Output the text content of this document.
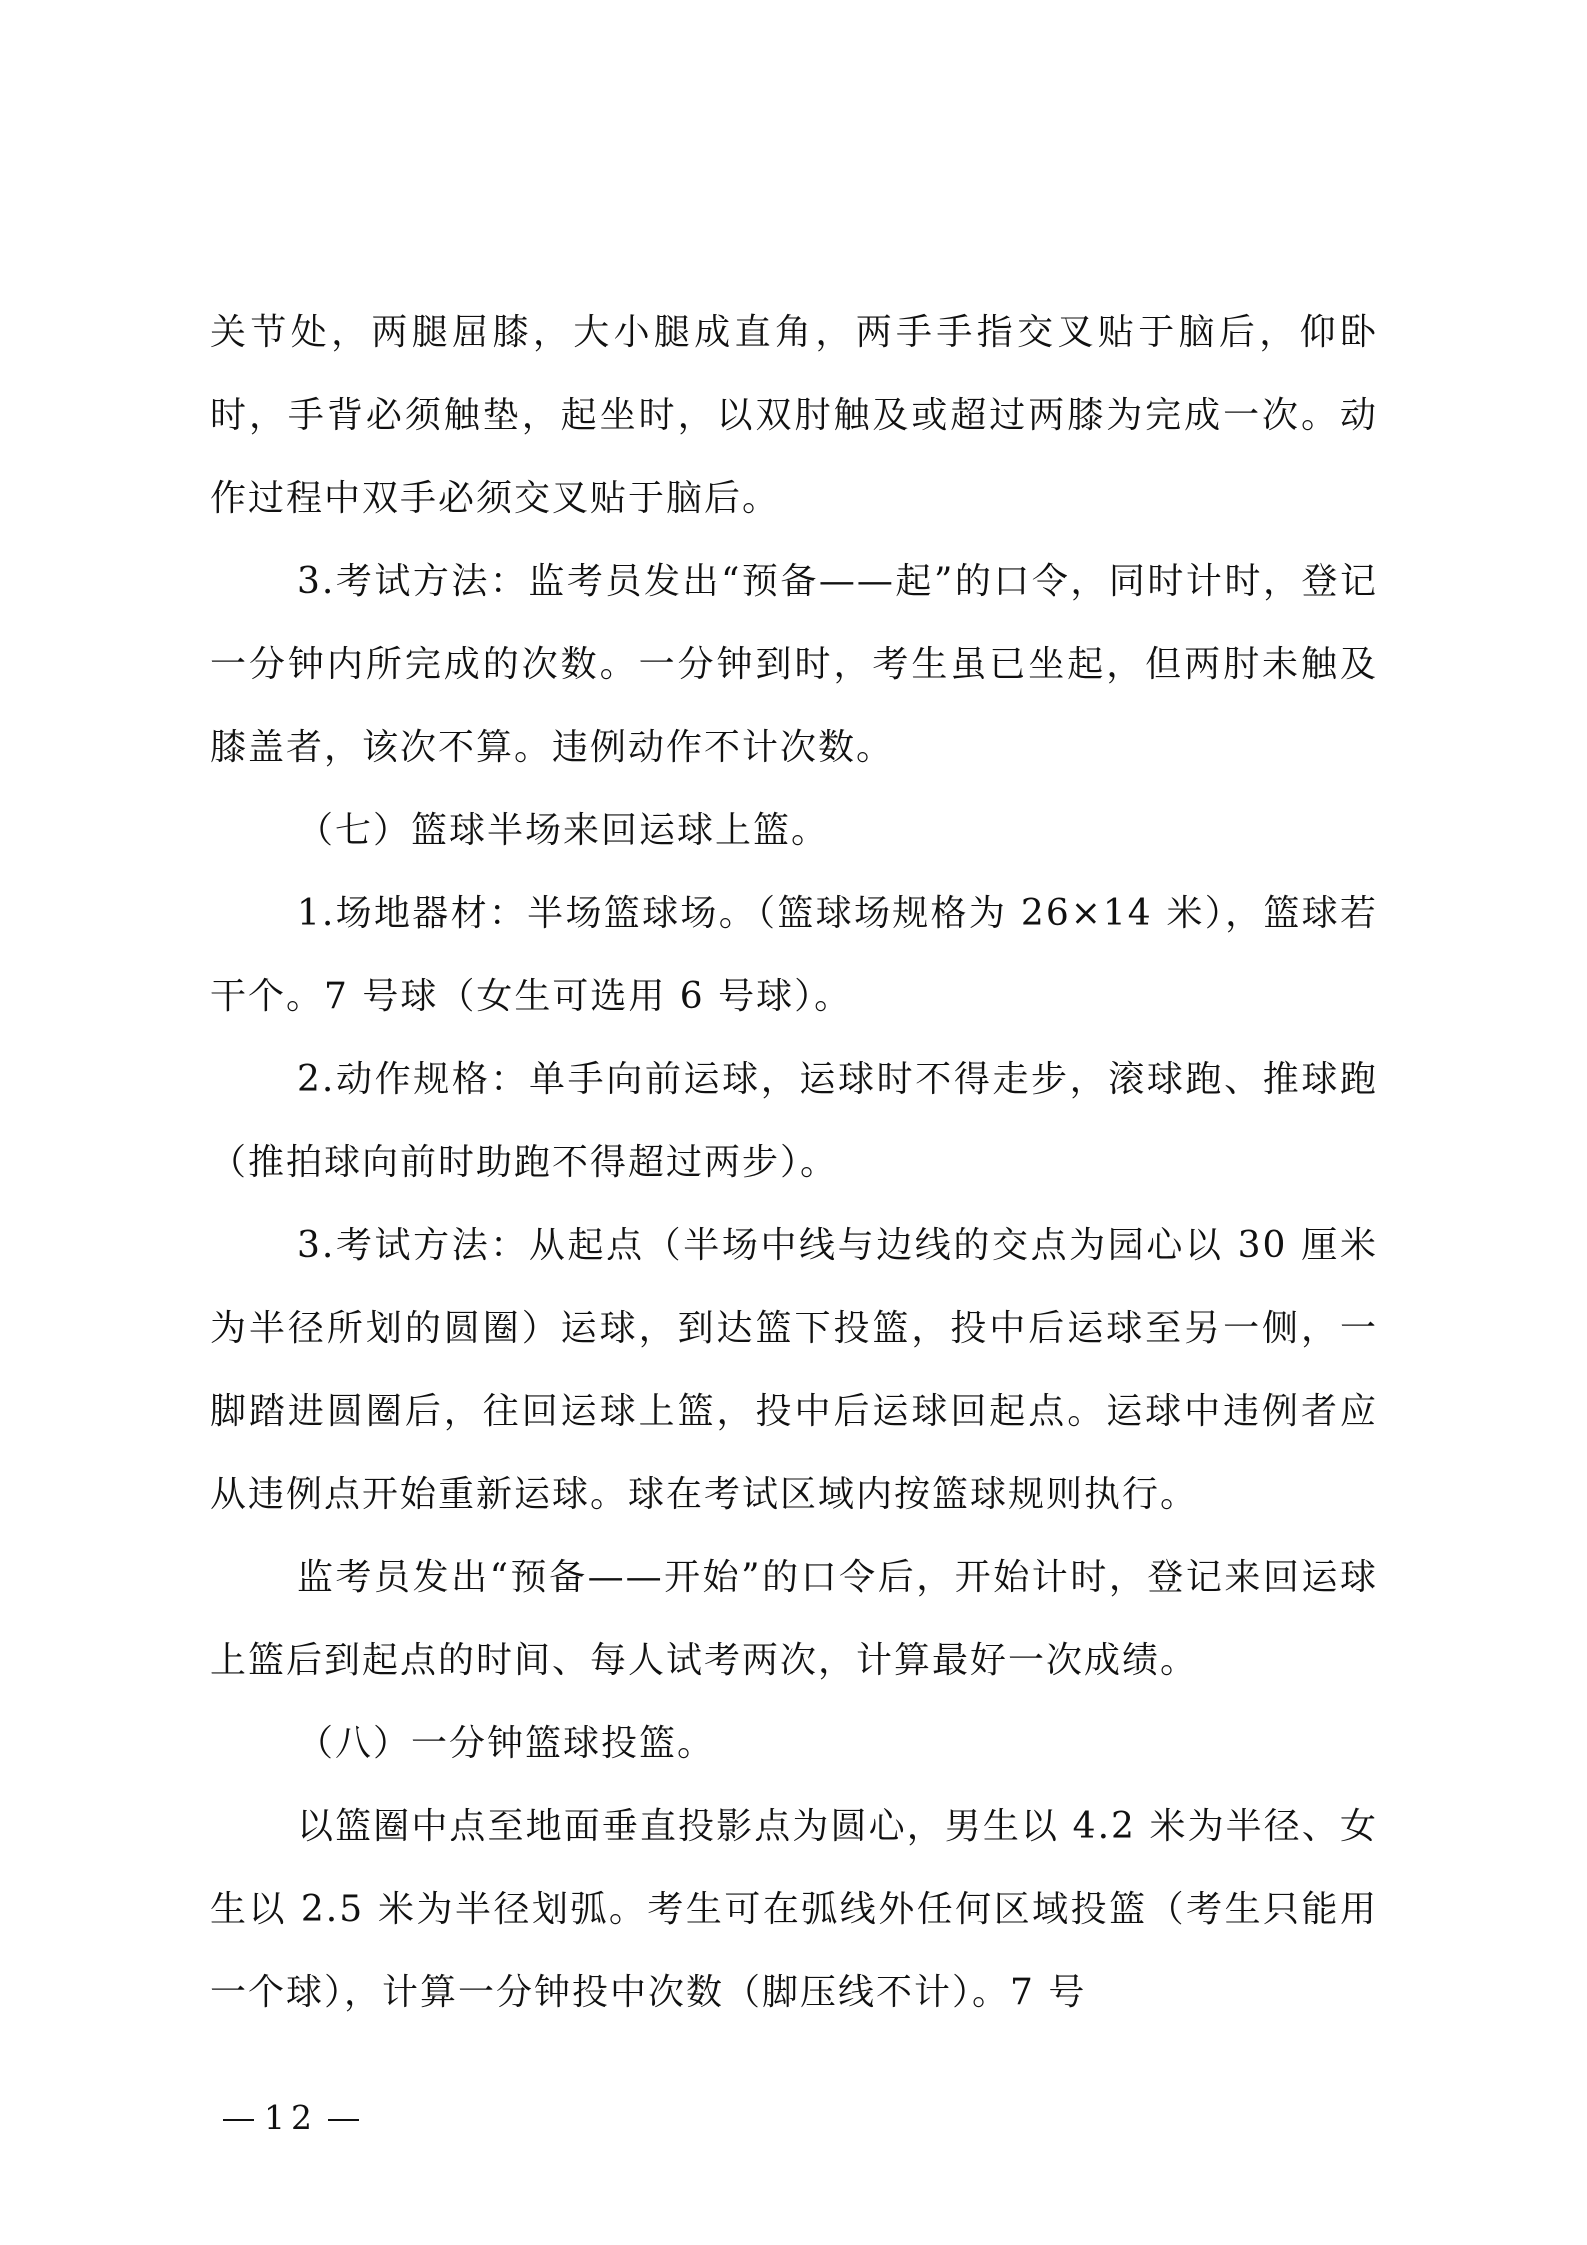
关节处，两腿屈膝，大小腿成直角，两手手指交叉贴于脑后，仰卧时，手背必须触垫，起坐时，以双肘触及或超过两膝为完成一次。动作过程中双手必须交叉贴于脑后。

3.考试方法：监考员发出“预备——起”的口令，同时计时，登记一分钟内所完成的次数。一分钟到时，考生虽已坐起，但两肘未触及膝盖者，该次不算。违例动作不计次数。

（七）篮球半场来回运球上篮。

1.场地器材：半场篮球场。（篮球场规格为 26×14 米），篮球若干个。7 号球（女生可选用 6 号球）。

2.动作规格：单手向前运球，运球时不得走步，滚球跑、推球跑（推拍球向前时助跑不得超过两步）。

3.考试方法：从起点（半场中线与边线的交点为园心以 30 厘米为半径所划的圆圈）运球，到达篮下投篮，投中后运球至另一侧，一脚踏进圆圈后，往回运球上篮，投中后运球回起点。运球中违例者应从违例点开始重新运球。球在考试区域内按篮球规则执行。

监考员发出“预备——开始”的口令后，开始计时，登记来回运球上篮后到起点的时间、每人试考两次，计算最好一次成绩。

（八）一分钟篮球投篮。

以篮圈中点至地面垂直投影点为圆心，男生以 4.2 米为半径、女生以 2.5 米为半径划弧。考生可在弧线外任何区域投篮（考生只能用一个球），计算一分钟投中次数（脚压线不计）。7 号

12
